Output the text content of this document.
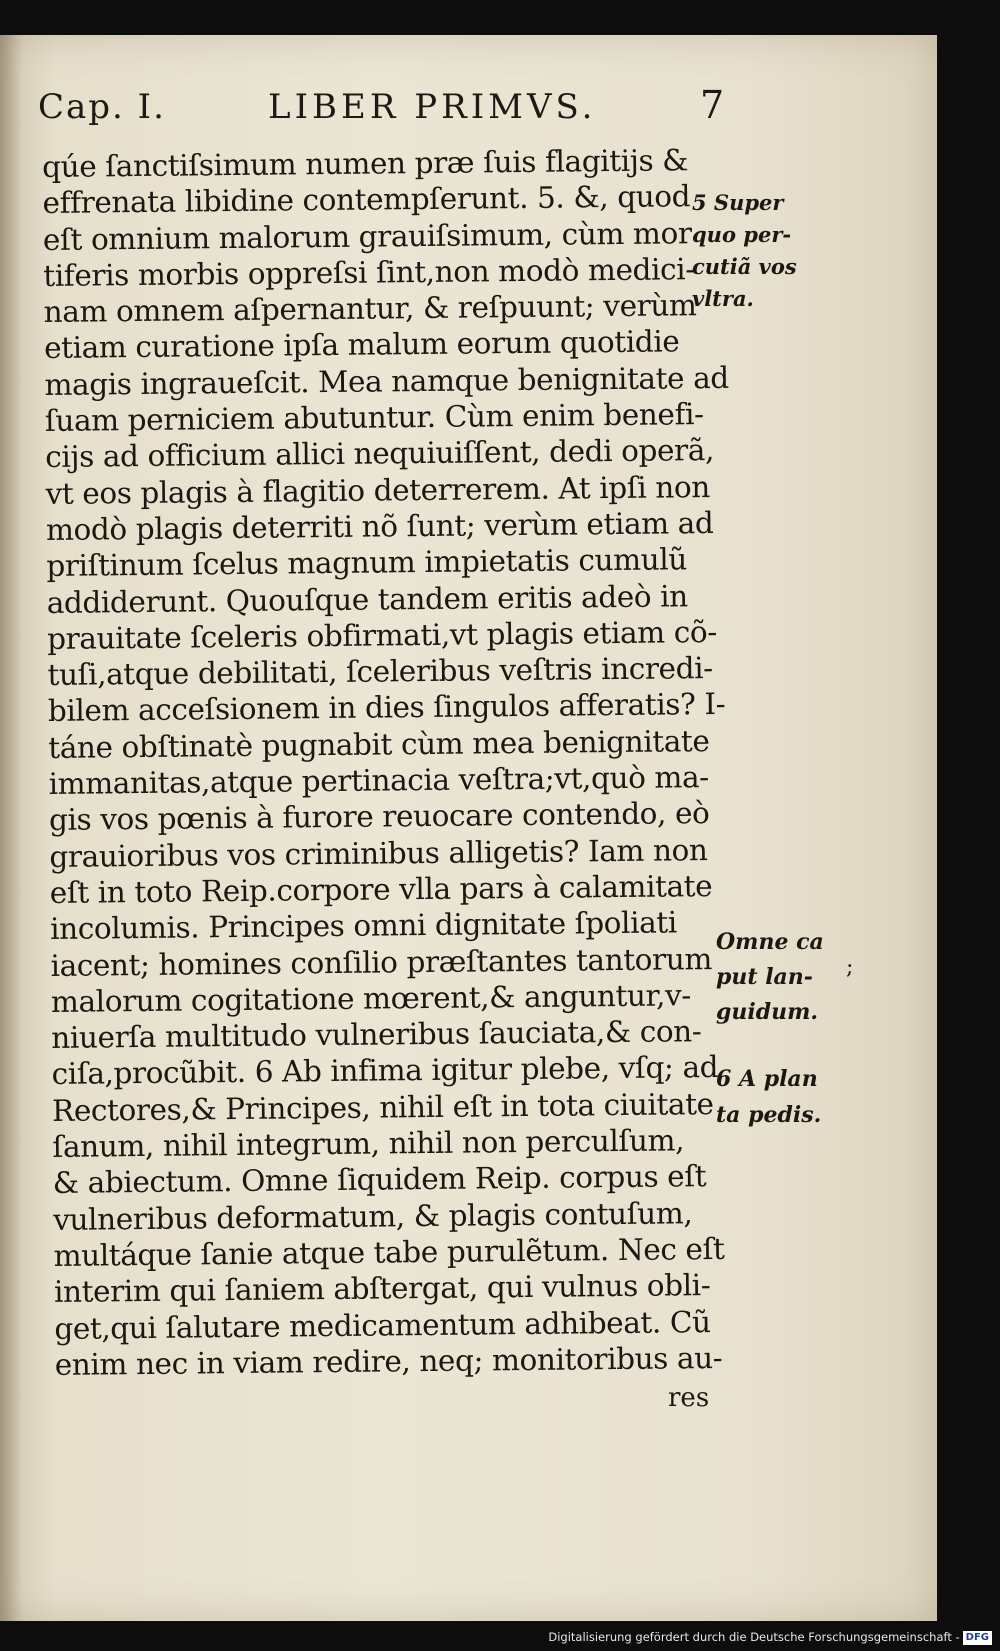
Cap. I.	LIBER PRIMVS.	7
qúe ſanctiſsimum numen præ ſuis flagitijs &
effrenata libidine contempſerunt. 5. &, quod
eſt omnium malorum grauiſsimum, cùm mor
tiferis morbis oppreſsi ſint,non modò medici-
nam omnem aſpernantur, & reſpuunt; verùm
etiam curatione ipſa malum eorum quotidie
magis ingraueſcit. Mea namque benignitate ad
ſuam perniciem abutuntur. Cùm enim benefi-
cijs ad officium allici nequiuiſſent, dedi operã,
vt eos plagis à flagitio deterrerem. At ipſi non
modò plagis deterriti nõ ſunt; verùm etiam ad
priſtinum ſcelus magnum impietatis cumulũ
addiderunt. Quouſque tandem eritis adeò in
prauitate ſceleris obfirmati,vt plagis etiam cõ-
tuſi,atque debilitati, ſceleribus veſtris incredi-
bilem acceſsionem in dies ſingulos afferatis? I-
táne obſtinatè pugnabit cùm mea benignitate
immanitas,atque pertinacia veſtra;vt,quò ma-
gis vos pœnis à furore reuocare contendo, eò
grauioribus vos criminibus alligetis? Iam non
eſt in toto Reip.corpore vlla pars à calamitate
incolumis. Principes omni dignitate ſpoliati
iacent; homines conſilio præſtantes tantorum
malorum cogitatione mœrent,& anguntur,v-
niuerſa multitudo vulneribus ſauciata,& con-
ciſa,procũbit. 6 Ab infima igitur plebe, vſq; ad
Rectores,& Principes, nihil eſt in tota ciuitate
ſanum, nihil integrum, nihil non perculſum,
& abiectum. Omne ſiquidem Reip. corpus eſt
vulneribus deformatum, & plagis contuſum,
multáque ſanie atque tabe purulẽtum. Nec eſt
interim qui ſaniem abſtergat, qui vulnus obli-
get,qui ſalutare medicamentum adhibeat. Cũ
enim nec in viam redire, neq; monitoribus au-
res
5 Super
quo per-
cutiã vos
vltra.
Omne ca
put lan-
guidum.
6 A plan
ta pedis.
;
Digitalisierung gefördert durch die Deutsche Forschungsgemeinschaft - DFG
